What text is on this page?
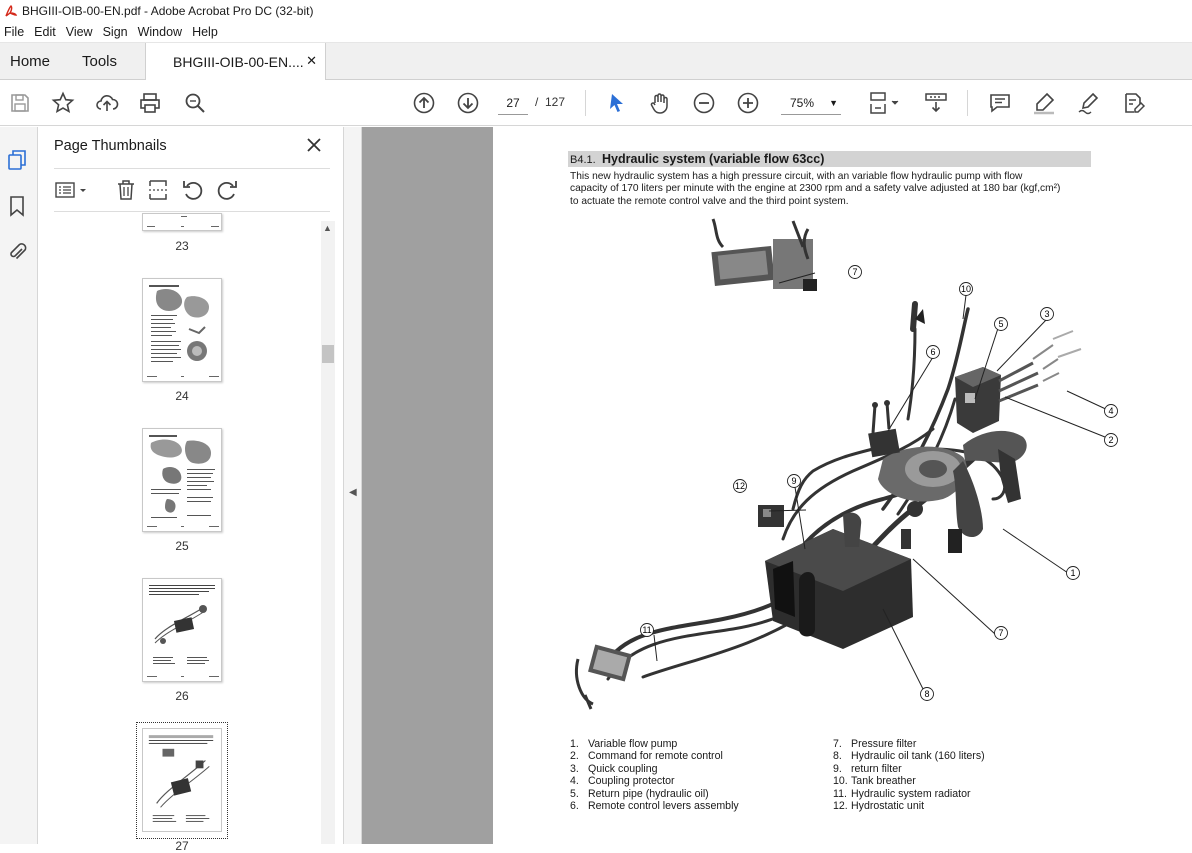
BHGIII-OIB-00-EN.pdf - Adobe Acrobat Pro DC (32-bit)
File Edit View Sign Window Help
Home Tools	BHGIII-OIB-00-EN.... ✕
27	/ 127	75% ▼
Page Thumbnails
23
24
25
26
27
▲
◀
B4.1. Hydraulic system (variable flow 63cc)
This new hydraulic system has a high pressure circuit, with an variable flow hydraulic pump with flow
capacity of 170 liters per minute with the engine at 2300 rpm and a safety valve adjusted at 180 bar (kgf,cm²)
to actuate the remote control valve and the third point system.
7
10
5
3
6
4
2
9
12
1
7
11
8
1. Variable flow pump
2. Command for remote control
3. Quick coupling
4. Coupling protector
5. Return pipe (hydraulic oil)
6. Remote control levers assembly
7. Pressure filter
8. Hydraulic oil tank (160 liters)
9. return filter
10. Tank breather
11. Hydraulic system radiator
12. Hydrostatic unit
